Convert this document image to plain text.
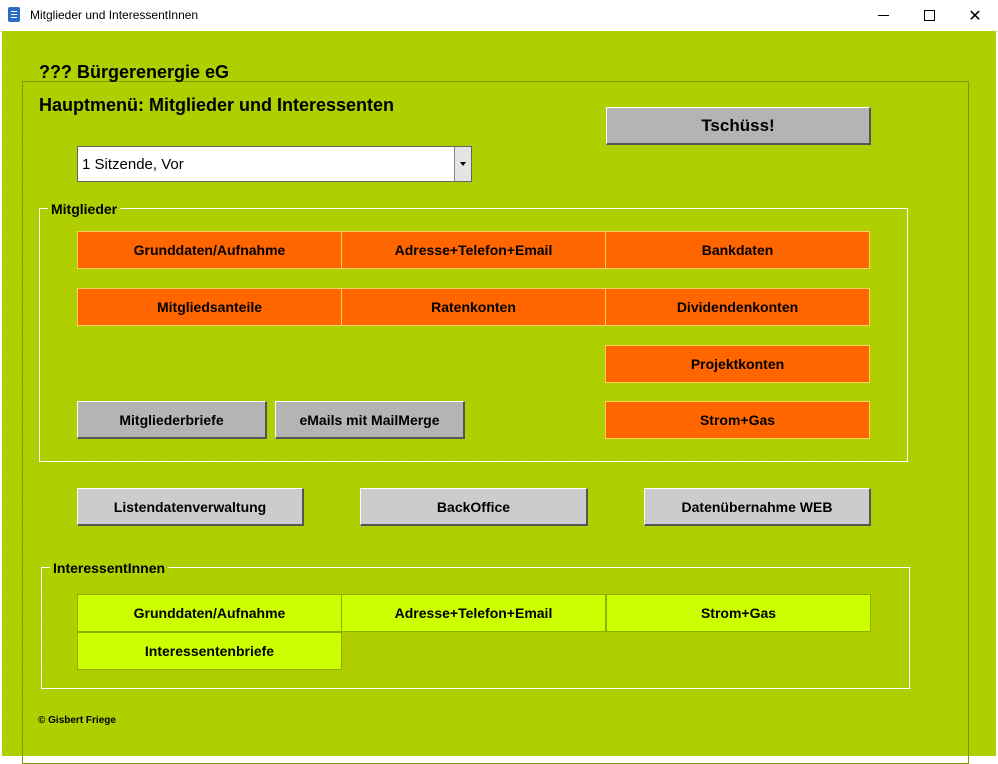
Mitglieder und InteressentInnen	✕
??? Bürgerenergie eG
Hauptmenü: Mitglieder und Interessenten
Tschüss!
1 Sitzende, Vor
Mitglieder
Grunddaten/Aufnahme	Adresse+Telefon+Email	Bankdaten
Mitgliedsanteile	Ratenkonten	Dividendenkonten
Projektkonten
Mitgliederbriefe	eMails mit MailMerge	Strom+Gas
Listendatenverwaltung	BackOffice	Datenübernahme WEB
InteressentInnen
Grunddaten/Aufnahme	Adresse+Telefon+Email	Strom+Gas
Interessentenbriefe
© Gisbert Friege
